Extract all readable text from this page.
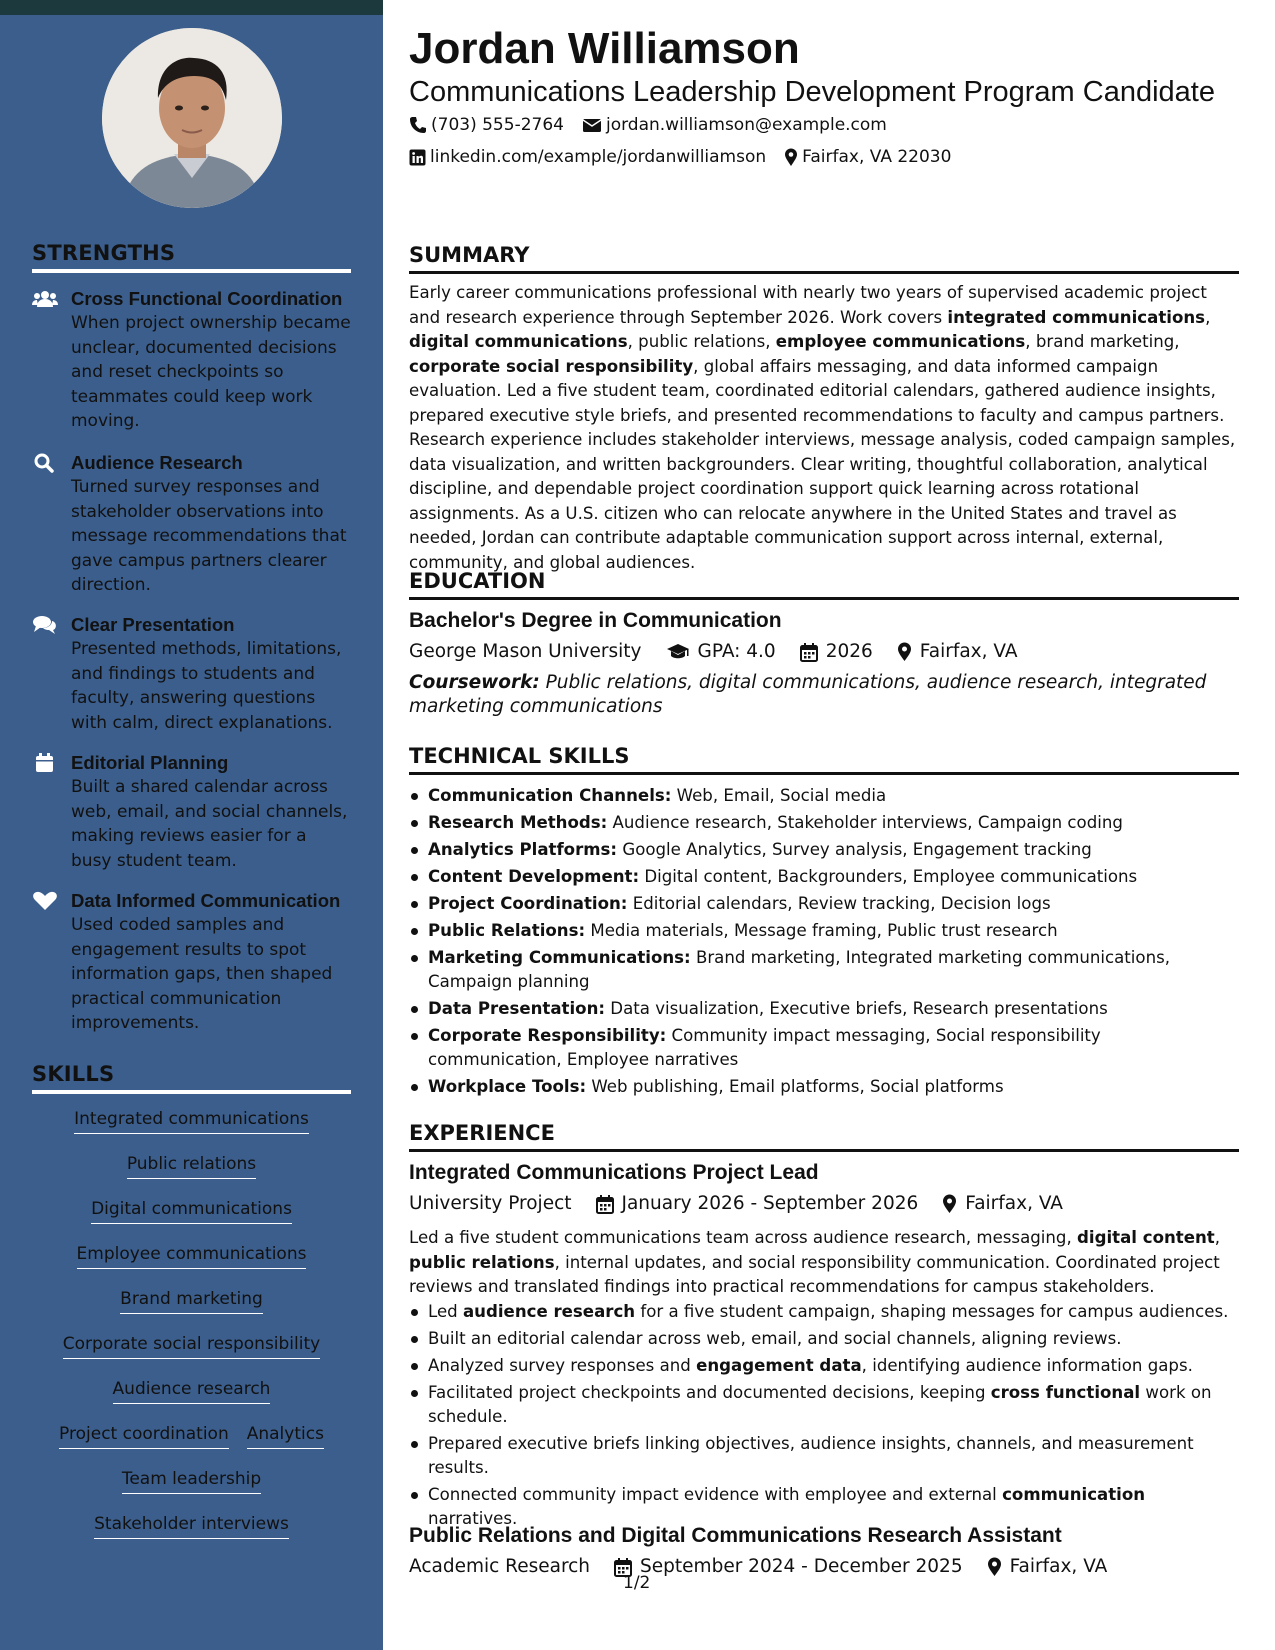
STRENGTHS
Cross Functional Coordination
When project ownership became unclear, documented decisions and reset checkpoints so teammates could keep work moving.
Audience Research
Turned survey responses and stakeholder observations into message recommendations that gave campus partners clearer direction.
Clear Presentation
Presented methods, limitations, and findings to students and faculty, answering questions with calm, direct explanations.
Editorial Planning
Built a shared calendar across web, email, and social channels, making reviews easier for a busy student team.
Data Informed Communication
Used coded samples and engagement results to spot information gaps, then shaped practical communication improvements.
SKILLS
Integrated communications
Public relations
Digital communications
Employee communications
Brand marketing
Corporate social responsibility
Audience research
Project coordination Analytics
Team leadership
Stakeholder interviews
Jordan Williamson
Communications Leadership Development Program Candidate
(703) 555-2764 jordan.williamson@example.com
linkedin.com/example/jordanwilliamson Fairfax, VA 22030
SUMMARY
Early career communications professional with nearly two years of supervised academic project and research experience through September 2026. Work covers integrated communications, digital communications, public relations, employee communications, brand marketing, corporate social responsibility, global affairs messaging, and data informed campaign evaluation. Led a five student team, coordinated editorial calendars, gathered audience insights, prepared executive style briefs, and presented recommendations to faculty and campus partners. Research experience includes stakeholder interviews, message analysis, coded campaign samples, data visualization, and written backgrounders. Clear writing, thoughtful collaboration, analytical discipline, and dependable project coordination support quick learning across rotational assignments. As a U.S. citizen who can relocate anywhere in the United States and travel as needed, Jordan can contribute adaptable communication support across internal, external, community, and global audiences.
EDUCATION
Bachelor's Degree in Communication
George Mason University	GPA: 4.0	2026	Fairfax, VA
Coursework: Public relations, digital communications, audience research, integrated marketing communications
TECHNICAL SKILLS
Communication Channels: Web, Email, Social media
Research Methods: Audience research, Stakeholder interviews, Campaign coding
Analytics Platforms: Google Analytics, Survey analysis, Engagement tracking
Content Development: Digital content, Backgrounders, Employee communications
Project Coordination: Editorial calendars, Review tracking, Decision logs
Public Relations: Media materials, Message framing, Public trust research
Marketing Communications: Brand marketing, Integrated marketing communications, Campaign planning
Data Presentation: Data visualization, Executive briefs, Research presentations
Corporate Responsibility: Community impact messaging, Social responsibility communication, Employee narratives
Workplace Tools: Web publishing, Email platforms, Social platforms
EXPERIENCE
Integrated Communications Project Lead
University Project	January 2026 - September 2026	Fairfax, VA
Led a five student communications team across audience research, messaging, digital content, public relations, internal updates, and social responsibility communication. Coordinated project reviews and translated findings into practical recommendations for campus stakeholders.
Led audience research for a five student campaign, shaping messages for campus audiences.
Built an editorial calendar across web, email, and social channels, aligning reviews.
Analyzed survey responses and engagement data, identifying audience information gaps.
Facilitated project checkpoints and documented decisions, keeping cross functional work on schedule.
Prepared executive briefs linking objectives, audience insights, channels, and measurement results.
Connected community impact evidence with employee and external communication narratives.
Public Relations and Digital Communications Research Assistant
Academic Research	September 2024 - December 2025	Fairfax, VA
1/2
